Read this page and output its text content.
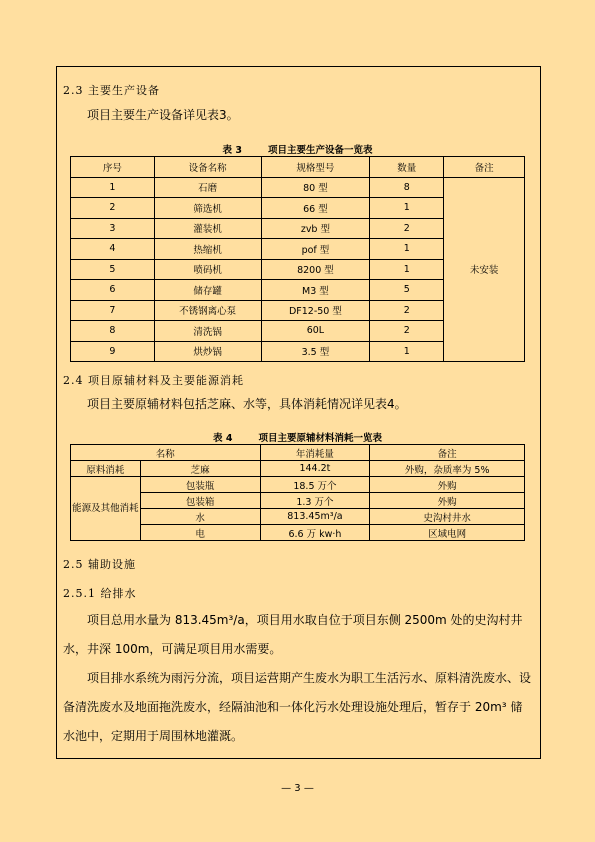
2.3 主要生产设备

项目主要生产设备详见表3。

表 3	项目主要生产设备一览表
序号	设备名称	规格型号	数量	备注
1	石磨	80 型	8	未安装
2	筛选机	66 型	1	
3	灌装机	zvb 型	2	
4	热缩机	pof 型	1	
5	喷码机	8200 型	1	
6	储存罐	M3 型	5	
7	不锈钢离心泵	DF12-50 型	2	
8	清洗锅	60L	2	
9	烘炒锅	3.5 型	1	
2.4 项目原辅材料及主要能源消耗

项目主要原辅材料包括芝麻、水等，具体消耗情况详见表4。

表 4	项目主要原辅材料消耗一览表
名称		年消耗量	备注
原料消耗	芝麻	144.2t	外购，杂质率为 5%
能源及其他消耗	包装瓶	18.5 万个	外购
	包装箱	1.3 万个	外购
	水	813.45m³/a	史沟村井水
	电	6.6 万 kw·h	区域电网
2.5 辅助设施
2.5.1 给排水

项目总用水量为 813.45m³/a，项目用水取自位于项目东侧 2500m 处的史沟村井水，井深 100m，可满足项目用水需要。

项目排水系统为雨污分流，项目运营期产生废水为职工生活污水、原料清洗废水、设备清洗废水及地面拖洗废水，经隔油池和一体化污水处理设施处理后，暂存于 20m³ 储水池中，定期用于周围林地灌溉。

— 3 —
